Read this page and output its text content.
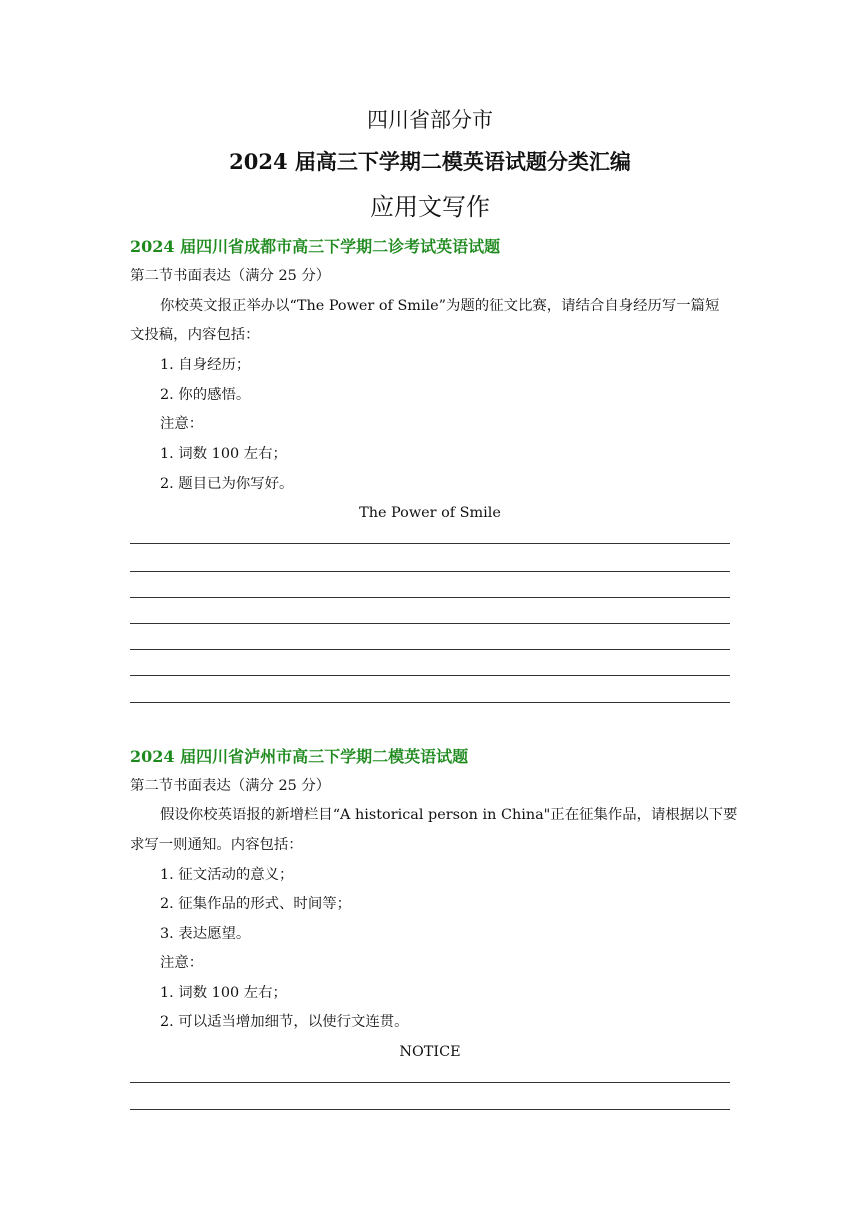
四川省部分市
2024 届高三下学期二模英语试题分类汇编
应用文写作
2024 届四川省成都市高三下学期二诊考试英语试题
第二节书面表达（满分 25 分）
你校英文报正举办以“The Power of Smile”为题的征文比赛，请结合自身经历写一篇短
文投稿，内容包括：
1. 自身经历；
2. 你的感悟。
注意：
1. 词数 100 左右；
2. 题目已为你写好。
The Power of Smile
2024 届四川省泸州市高三下学期二模英语试题
第二节书面表达（满分 25 分）
假设你校英语报的新增栏目“A historical person in China"正在征集作品，请根据以下要
求写一则通知。内容包括：
1. 征文活动的意义；
2. 征集作品的形式、时间等；
3. 表达愿望。
注意：
1. 词数 100 左右；
2. 可以适当增加细节，以使行文连贯。
NOTICE
